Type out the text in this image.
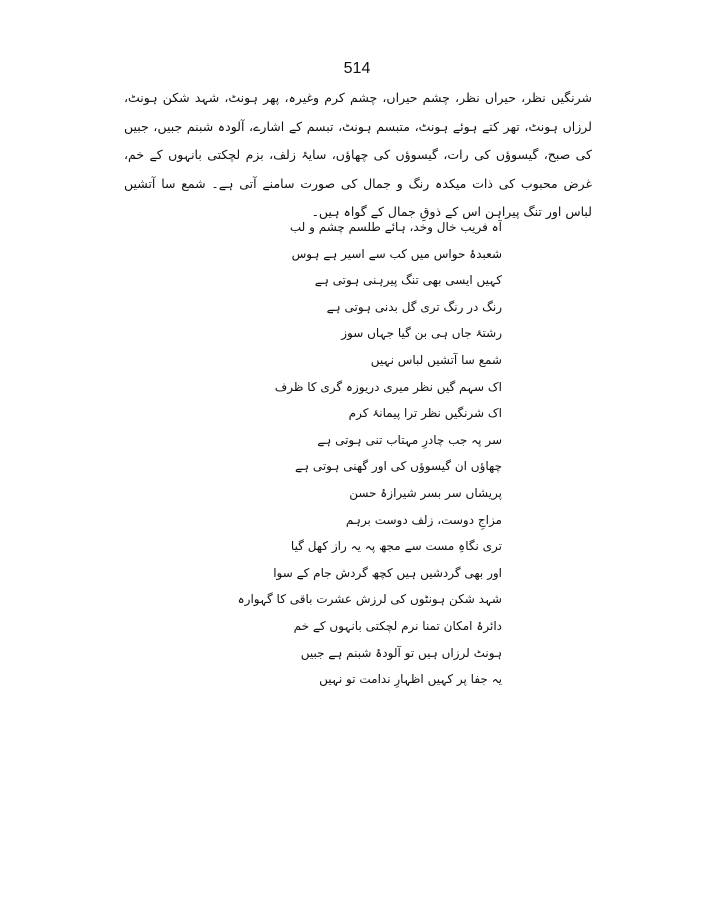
514

شرنگیں نظر، حیراں نظر، چشم حیراں، چشم کرم وغیرہ، پھر ہونٹ، شہد شکن ہونٹ، لرزاں ہونٹ، تھر کتے ہوئے ہونٹ، متبسم ہونٹ، تبسم کے اشارے، آلودہ شبنم جبیں، جبیں کی صبح، گیسوؤں کی رات، گیسوؤں کی چھاؤں، سایۂ زلف، بزم لچکتی بانہوں کے خم، غرض محبوب کی ذات میکدہ رنگ و جمال کی صورت سامنے آتی ہے۔ شمع سا آتشیں لباس اور تنگ پیراہن اس کے ذوقِ جمال کے گواہ ہیں۔

آہ فریب خال وخد، ہائے طلسم چشم و لب
شعبدۂ حواس میں کب سے اسیر ہے ہوس
کہیں ایسی بھی تنگ پیرہنی ہوتی ہے
رنگ در رنگ تری گل بدنی ہوتی ہے
رشتۂ جاں ہی بن گیا جہاں سوز
شمع سا آتشیں لباس نہیں
اک سہم گیں نظر میری دریوزہ گری کا ظرف
اک شرنگیں نظر ترا پیمانۂ کرم
سر پہ جب چادرِ مہتاب تنی ہوتی ہے
چھاؤں ان گیسوؤں کی اور گھنی ہوتی ہے
پریشاں سر بسر شیرازۂ حسن
مزاجِ دوست، زلف دوست برہم
تری نگاہِ مست سے مجھ پہ یہ راز کھل گیا
اور بھی گردشیں ہیں کچھ گردش جام کے سوا
شہد شکن ہونٹوں کی لرزش عشرت باقی کا گہوارہ
دائرۂ امکان تمنا نرم لچکتی بانہوں کے خم
ہونٹ لرزاں ہیں تو آلودۂ شبنم ہے جبیں
یہ جفا پر کہیں اظہارِ ندامت تو نہیں
